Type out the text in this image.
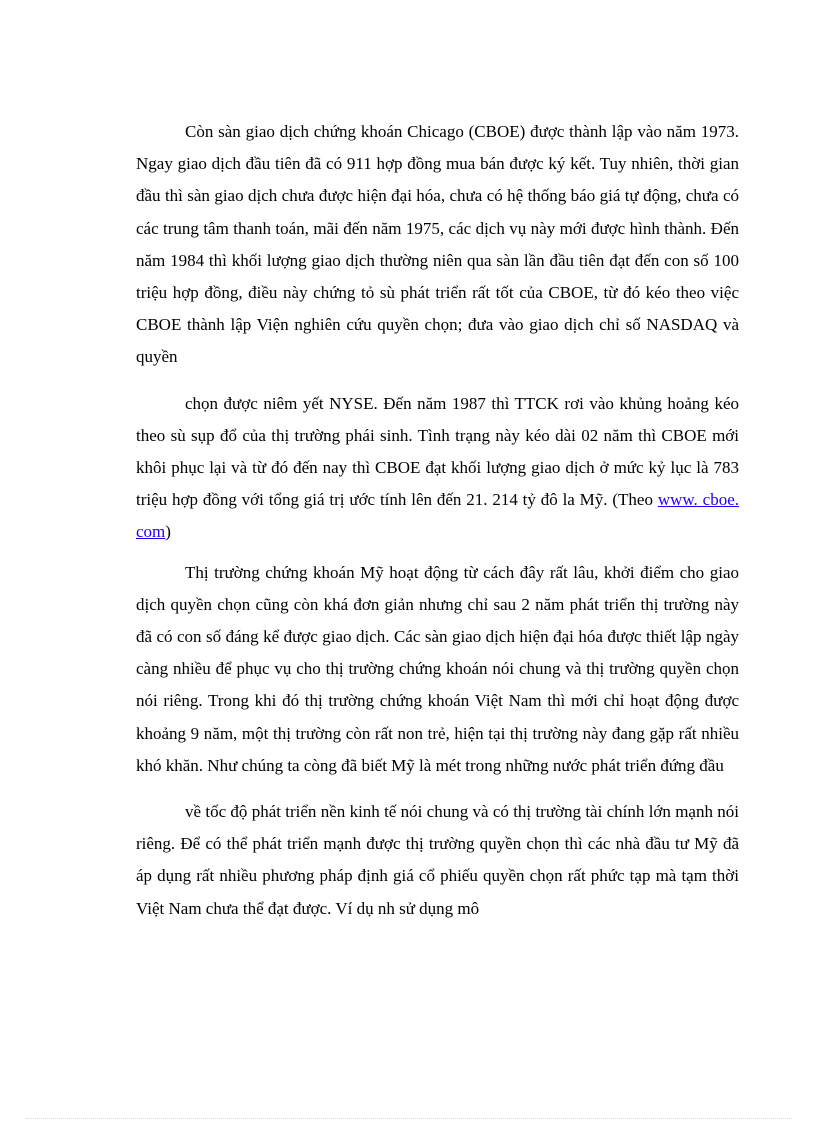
Còn sàn giao dịch chứng khoán Chicago (CBOE) được thành lập vào năm 1973. Ngay giao dịch đầu tiên đã có 911 hợp đồng mua bán được ký kết. Tuy nhiên, thời gian đầu thì sàn giao dịch chưa được hiện đại hóa, chưa có hệ thống báo giá tự động, chưa có các trung tâm thanh toán, mãi đến năm 1975, các dịch vụ này mới được hình thành. Đến năm 1984 thì khối lượng giao dịch thường niên qua sàn lần đầu tiên đạt đến con số 100 triệu hợp đồng, điều này chứng tỏ sù phát triển rất tốt của CBOE, từ đó kéo theo việc CBOE thành lập Viện nghiên cứu quyền chọn; đưa vào giao dịch chỉ số NASDAQ và quyền

chọn được niêm yết NYSE. Đến năm 1987 thì TTCK rơi vào khủng hoảng kéo theo sù sụp đổ của thị trường phái sinh. Tình trạng này kéo dài 02 năm thì CBOE mới khôi phục lại và từ đó đến nay thì CBOE đạt khối lượng giao dịch ở mức kỷ lục là 783 triệu hợp đồng với tổng giá trị ước tính lên đến 21. 214 tỷ đô la Mỹ. (Theo www. cboe. com)

Thị trường chứng khoán Mỹ hoạt động từ cách đây rất lâu, khởi điểm cho giao dịch quyền chọn cũng còn khá đơn giản nhưng chỉ sau 2 năm phát triển thị trường này đã có con số đáng kể được giao dịch. Các sàn giao dịch hiện đại hóa được thiết lập ngày càng nhiều để phục vụ cho thị trường chứng khoán nói chung và thị trường quyền chọn nói riêng. Trong khi đó thị trường chứng khoán Việt Nam thì mới chỉ hoạt động được khoảng 9 năm, một thị trường còn rất non trẻ, hiện tại thị trường này đang gặp rất nhiều khó khăn. Như chúng ta còng đã biết Mỹ là mét trong những nước phát triển đứng đầu

về tốc độ phát triển nền kinh tế nói chung và có thị trường tài chính lớn mạnh nói riêng. Để có thể phát triển mạnh được thị trường quyền chọn thì các nhà đầu tư Mỹ đã áp dụng rất nhiều phương pháp định giá cổ phiếu quyền chọn rất phức tạp mà tạm thời Việt Nam chưa thể đạt được. Ví dụ nh sử dụng mô
